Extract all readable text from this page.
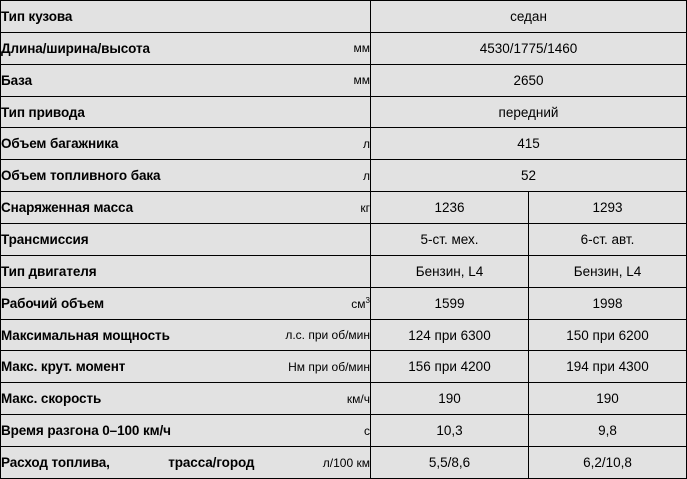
Тип кузова	седан	

Длина/ширина/высота мм	4530/1775/1460	

База мм	2650	

Тип привода	передний	

Объем багажника л	415	

Объем топливного бака л	52	

Снаряженная масса кг	1236	1293

Трансмиссия	5-ст. мех.	6-ст. авт.

Тип двигателя	Бензин, L4	Бензин, L4

Рабочий объем $см^3$	1599	1998

Максимальная мощность л.с. при об/мин	124 при 6300	150 при 6200

Макс. крут. момент Нм при об/мин	156 при 4200	194 при 4300

Макс. скорость км/ч	190	190

Время разгона 0–100 км/ч с	10,3	9,8

Расход топлива, трасса/город л/100 км	5,5/8,6	6,2/10,8
